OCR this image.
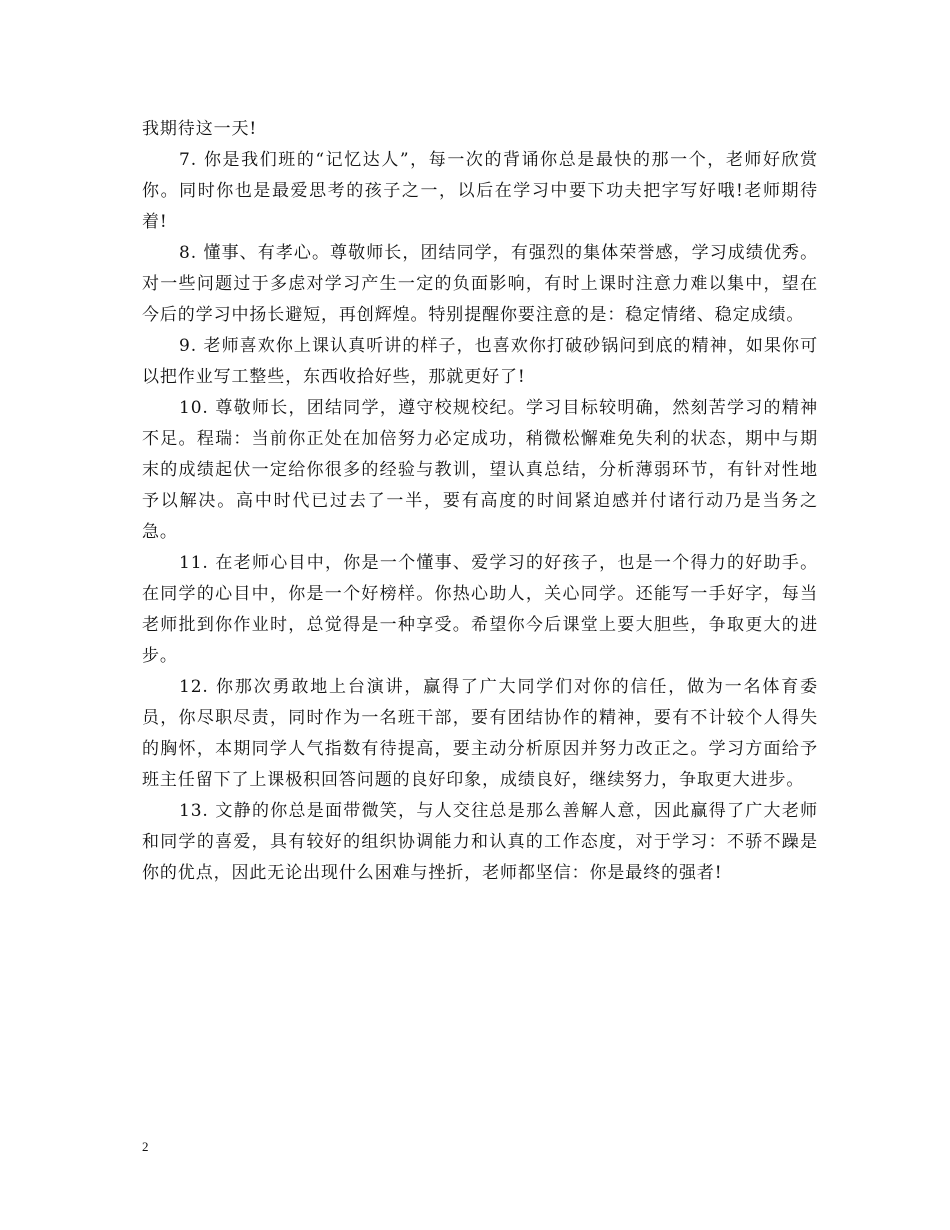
我期待这一天!

7. 你是我们班的“记忆达人”，每一次的背诵你总是最快的那一个，老师好欣赏你。同时你也是最爱思考的孩子之一，以后在学习中要下功夫把字写好哦!老师期待着!

8. 懂事、有孝心。尊敬师长，团结同学，有强烈的集体荣誉感，学习成绩优秀。对一些问题过于多虑对学习产生一定的负面影响，有时上课时注意力难以集中，望在今后的学习中扬长避短，再创辉煌。特别提醒你要注意的是：稳定情绪、稳定成绩。

9. 老师喜欢你上课认真听讲的样子，也喜欢你打破砂锅问到底的精神，如果你可以把作业写工整些，东西收拾好些，那就更好了!

10. 尊敬师长，团结同学，遵守校规校纪。学习目标较明确，然刻苦学习的精神不足。程瑞：当前你正处在加倍努力必定成功，稍微松懈难免失利的状态，期中与期末的成绩起伏一定给你很多的经验与教训，望认真总结，分析薄弱环节，有针对性地予以解决。高中时代已过去了一半，要有高度的时间紧迫感并付诸行动乃是当务之急。

11. 在老师心目中，你是一个懂事、爱学习的好孩子，也是一个得力的好助手。在同学的心目中，你是一个好榜样。你热心助人，关心同学。还能写一手好字，每当老师批到你作业时，总觉得是一种享受。希望你今后课堂上要大胆些，争取更大的进步。

12. 你那次勇敢地上台演讲，赢得了广大同学们对你的信任，做为一名体育委员，你尽职尽责，同时作为一名班干部，要有团结协作的精神，要有不计较个人得失的胸怀，本期同学人气指数有待提高，要主动分析原因并努力改正之。学习方面给予班主任留下了上课极积回答问题的良好印象，成绩良好，继续努力，争取更大进步。

13. 文静的你总是面带微笑，与人交往总是那么善解人意，因此赢得了广大老师和同学的喜爱，具有较好的组织协调能力和认真的工作态度，对于学习：不骄不躁是你的优点，因此无论出现什么困难与挫折，老师都坚信：你是最终的强者!

2
